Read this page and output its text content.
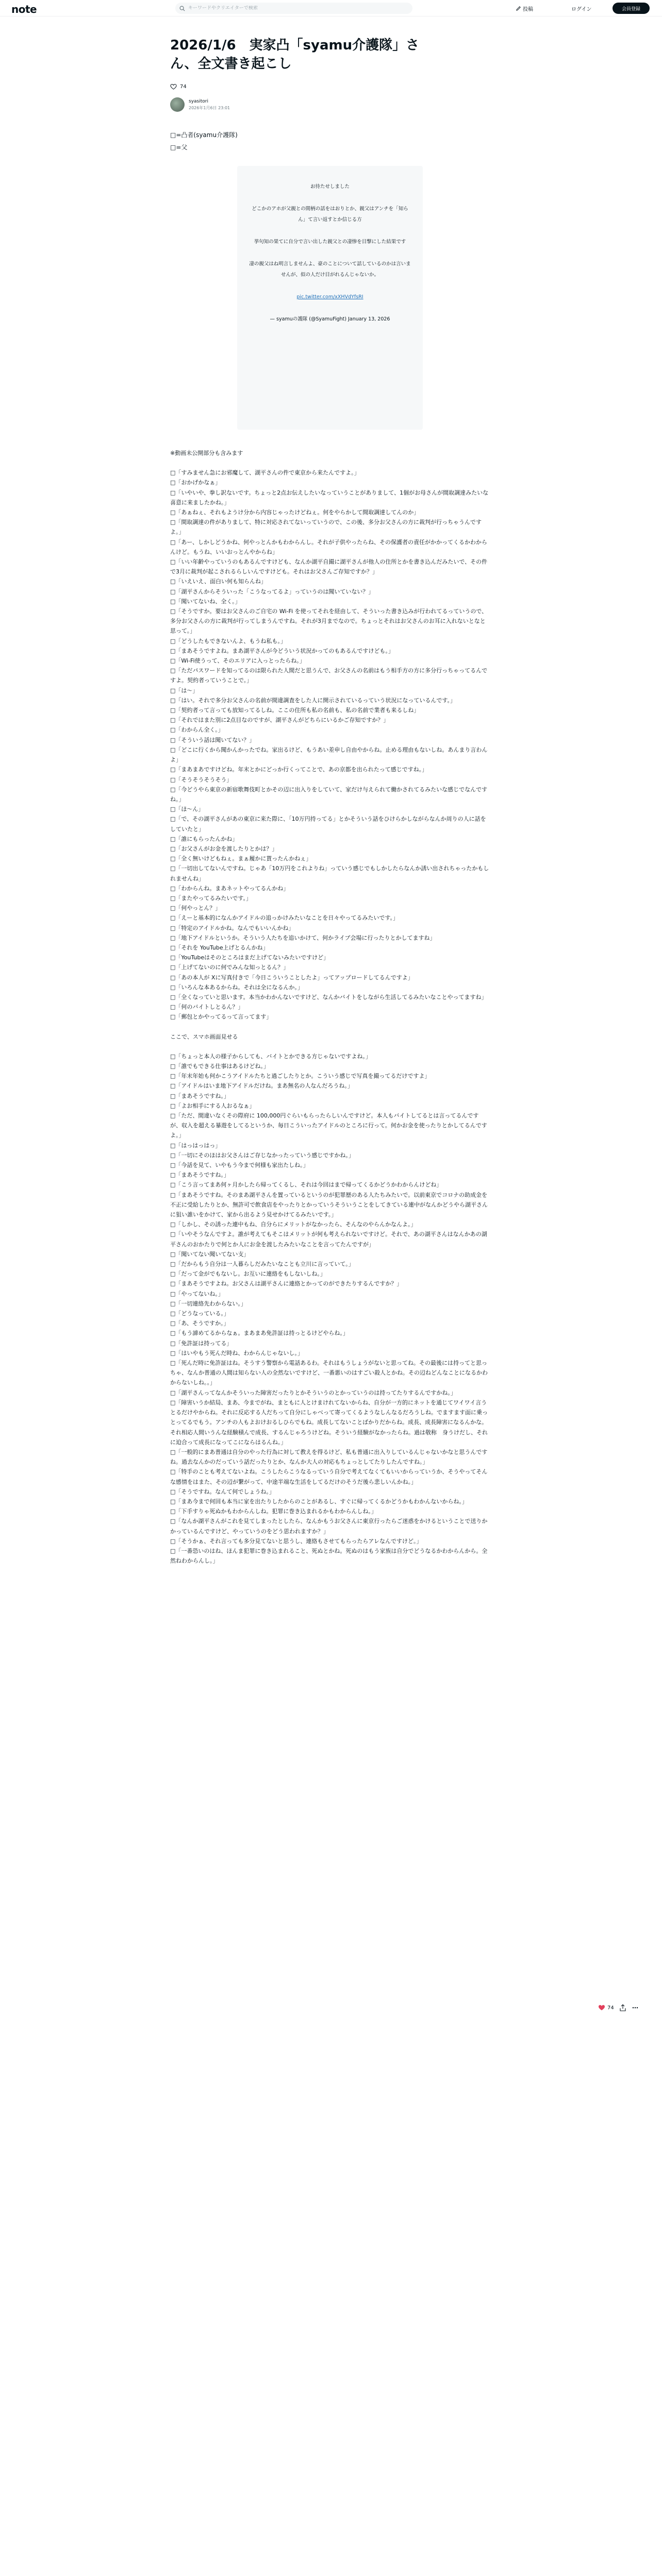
note
キーワードやクリエイターで検索	投稿	ログイン	会員登録
2026/1/6　実家凸「syamu介護隊」さ
ん、全文書き起こし
74
syasitori
2026年1月6日 23:01

□=凸者(syamu介護隊)

□=父

お待たせしました

どこかのアホが父親との間柄の話をはおりとか、親父はアンチを「知らん」て言い返すとか信じる方

挙句知の果てに自分で言い出した親父との凄惨を目撃にした結果です

凄の親父はね明言しませんよ、豪のことについて話しているのかは言いませんが、似の人だけ目がれるんじゃないか。

pic.twitter.com/xXHVdYfsRI

— syamuの護隊 (@SyamuFight) January 13, 2026

※動画未公開部分も含みます
□「すみません急にお邪魔して、湖平さんの件で東京から来たんですよ。」
□「おかげかなぁ」
□「いやいや、拳し訳ないです。ちょっと2点お伝えしたいなっていうことがありまして、1個がお母さんが間取調達みたいな喜意に来ましたかね。」
□「あぁねぇ、それもようけ分から内容じゃったけどねぇ。何をやらかして間取調達してんのか」
□「間取調達の件がありまして、特に対応されてないっていうので、この後、多分お父さんの方に裁判が行っちゃうんですよ。」
□「あー、しかしどうかね、何やっとんかもわからんし。それが子供やったらね、その保護者の責任がかかってくるかわからんけど。もうね、いいおっとんやからね」
□「いい年齢やっていうのもあるんですけども、なんか湖平自撮に湖平さんが他人の住所とかを書き込んだみたいで、その件で3月に裁判が起こされるらしいんですけども。それはお父さんご存知ですか？」
□「いえいえ、面白い何も知らんね」
□「湖平さんからそういった「こうなってるよ」っていうのは聞いていない？」
□「聞いてないね、全く。」
□「そうですか。要はお父さんのご自宅の Wi-Fi を使ってそれを経由して、そういった書き込みが行われてるっていうので、多分お父さんの方に裁判が行ってしまうんですね。それが3月までなので。ちょっとそれはお父さんのお耳に入れないとなと思って。」
□「どうしたもできないんよ、もうね私も。」
□「まあそうですよね。まあ湖平さんが今どういう状況かってのもあるんですけども。」
□「Wi-Fi使うって、そのエリアに入っとったらね。」
□「ただパスワードを知ってるのは限られた人間だと思うんで、お父さんの名前はもう相手方の方に多分行っちゃってるんですよ。契約者っていうことで。」
□「は～」
□「はい。それで多分お父さんの名前が間違調査をした人に開示されているっていう状況になっているんです。」
□「契約者って言っても放知ってるしね。ここの住所も私の名前も、私の名前で業者も来るしね」
□「それではまた別に2点目なのですが、湖平さんがどちらにいるかご存知ですか？」
□「わからん全く。」
□「そういう話は聞いてない？」
□「どこに行くから聞かんかったでね。家出るけど、もうあい差申し自由やからね。止める理由もないしね。あんまり言わんよ」
□「まあまあですけどね。年末とかにどっか行くってことで、あの京都を出られたって感じですね。」
□「そうそうそうそう」
□「今どうやら東京の新宿歌舞伎町とかその辺に出入りをしていて、家だけ与えられて働かされてるみたいな感じでなんですね。」
□「ほ～ん」
□「で、その湖平さんがあの東京に来た際に、「10万円持ってる」とかそういう話をひけらかしながらなんか周りの人に話をしていたと」
□「誰にもらったんかね」
□「お父さんがお金を渡したりとかは？」
□「全く無いけどもねぇ。まぁ履かに貰ったんかねぇ」
□「一切出してないんですね。じゃあ「10万円をこれよりね」っていう感じでもしかしたらなんか誘い出されちゃったかもしれませんね」
□「わからんね。まあネットやってるんかね」
□「またやってるみたいです。」
□「何やっとん？」
□「えーと基本的になんかアイドルの追っかけみたいなことを日々やってるみたいです。」
□「特定のアイドルかね。なんでもいいんかね」
□「地下アイドルというか。そういう人たちを追いかけて、何かライブ会場に行ったりとかしてますね」
□「それを YouTube上げとるんかね」
□「YouTubeはそのところはまだ上げてないみたいですけど」
□「上げてないのに何でみんな知っとるん？」
□「あの本人が Xに写真付きで「今日こういうことしたよ」ってアップロードしてるんですよ」
□「いろんな本あるからね。それは全になるんか。」
□「全くなっていと思います。本当かわかんないですけど、なんかバイトをしながら生活してるみたいなことやってますね」
□「何のバイトしとるん？」
□「郵包とかやってるって言ってます」
ここで、スマホ画面見せる
□「ちょっと本人の様子からしても、バイトとかできる方じゃないですよね。」
□「誰でもできる仕事はあるけどね。」
□「年末年始も何かこうアイドルたちと過ごしたりとか。こういう感じで写真を撮ってるだけですよ」
□「アイドルはいま地下アイドルだけね。まあ無名の人なんだろうね。」
□「まあそうですね。」
□「よお相手にする人おるなぁ」
□「ただ、間違いなくその際府に 100,000円ぐらいもらったらしいんですけど。本人もバイトしてるとは言ってるんですが、収入を超える暴遊をしてるというか、毎日こういったアイドルのところに行って。何かお金を使ったりとかしてるんですよ。」
□「はっはっはっ」
□「一切にそのほはお父さんはご存じなかったっていう感じですかね。」
□「今話を見て、いやもう今まで何様も家出たしね。」
□「まあそうですね。」
□「こう言ってまあ何ヶ月かしたら帰ってくるし、それは今回はまで帰ってくるかどうかわからんけどね」
□「まあそうですね。そのまあ湖平さんを置っているというのが犯罪歴のある人たちみたいで。以前東京でコロナの助成金を不正に受給したりとか、無許可で飲食店をやったりとかっていうそういうことをしてきている連中がなんかどうやら湖平さんに狙い誰いをかけて、家から出るよう見せかけてるみたいです。」
□「しかし、その誘った連中もね、自分らにメリットがなかったら、そんなのやらんかなんよ。」
□「いやそうなんですよ。誰が考えてもそこはメリットが何も考えられないですけど。それで、あの湖平さんはなんかあの湖平さんのおかたりで何とか人にお金を渡したみたいなことを言ってたんですが」
□「聞いてない聞いてない支」
□「だからもう自分は一人暮らしだみたいなことも立川に言っていて。」
□「だって金がでもないし。お互いに連絡をもしないしね。」
□「まあそうですよね。お父さんは湖平さんに連絡とかってのができたりするんですか？」
□「やってないね。」
□「一切連絡先わからない。」
□「どうなっている。」
□「あ、そうですか。」
□「もう諦めてるからなぁ。まあまあ免許証は持っとるけどやらね。」
□「免許証は持ってる」
□「はいやもう死んだ時ね、わからんじゃないし。」
□「死んだ時に免許証はね。そうすう警察から電話あるわ。それはもうしょうがないと思ってね。その最後には持ってと思っちゃ、なんか普通の人間は知らない人の全然ないですけど、一番悪いのはすごい殺人とかね。その辺ねどんなことになるかわからないしね。。」
□「湖平さんってなんかそういった障害だったりとかそういうのとかっていうのは持ってたりするんですかね。」
□「障害いうか結局、まあ、今までがね、まともに人とけまけれてないからね、自分が一方的にネットを通じてワイワイ言うとるだけやからね。それに反応する人だちって自分にしゃべって寄ってくるようなしんなるだろうしね。でますます面に乗っとってるでもう。アンチの人もよおけおるしひらでもね。成長してないことばかりだからね。成長、成長障害になるんかな。それ相応人間いうんな経験積んで成長、するんじゃろうけどね。そういう経験がなかったらね。過は敬称　身うけだし、それに迫合って成長になってこにならはるんね。」
□「一般的にまあ普通は自分のやった行為に対して教えを得るけど、私も普通に出入りしているんじゃないかなと思うんですね。過去なんかのだっていう話だったりとか、なんか大人の対応もちょっとしてたりしたんですね。」
□「特手のことも考えてないよね。こうしたらこうなるっていう自分で考えてなくてもいいからっていうか、そうやってそんな感情をはまた、その辺が繋がって、中途半端な生活をしてるだけのそうだ後ら悲しいんかね。」
□「そうですね。なんて何でしょうね。」
□「まあ今まで何回も本当に家を出たりしたからのことがあるし、すぐに帰ってくるかどうかもわかんないからね。」
□「下手すりゃ死ぬかもわからんしね。犯罪に巻き込まれるかもわからんしね。」
□「なんか湖平さんがこれを見てしまったとしたら、なんかもうお父さんに東京行ったらご迷惑をかけるということで送りかかっているんですけど、やっていうのをどう思われますか？」
□「そうかぁ、それ言っても多分見てないと思うし、連絡もさせてもらったらアレなんですけど。」
□「一番恐いのはね、ほんま犯罪に巻き込まれること、死ぬとかね。死ぬのはもう家族は自分でどうなるかわからんから。全然ねわからんし。」
74
